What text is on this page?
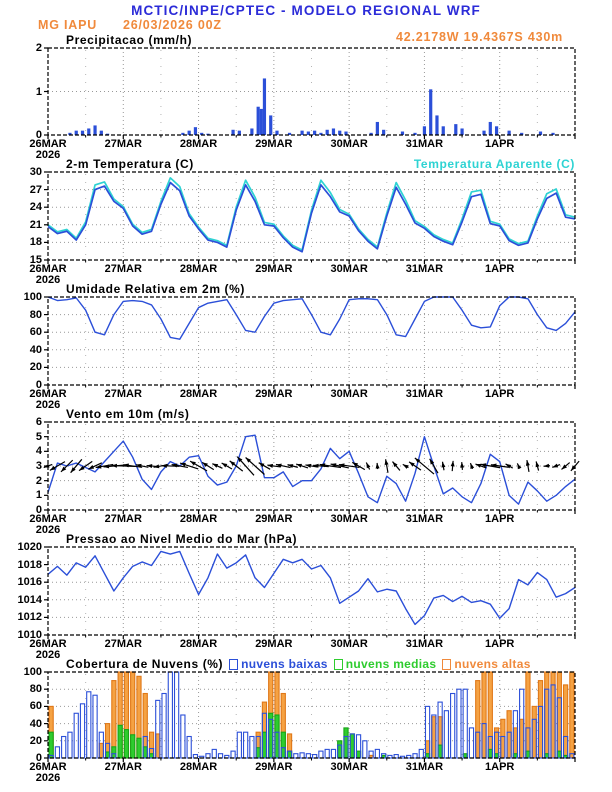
MCTIC/INPE/CPTEC - MODELO REGIONAL WRF
MG IAPU 26/03/2026 00Z
42.2178W 19.4367S 430m
Precipitacao (mm/h)
2-m Temperatura (C)	Temperatura Aparente (C)
Umidade Relativa em 2m (%)
Vento em 10m (m/s)
Pressao ao Nivel Medio do Mar (hPa)
Cobertura de Nuvens (%) nuvens baixas nuvens medias nuvens altas
0
1
2
26MAR	27MAR	28MAR	29MAR	30MAR	31MAR	1APR
2026
15
18
21
24
27
30
26MAR	27MAR	28MAR	29MAR	30MAR	31MAR	1APR
2026
0
20
40
60
80
100
26MAR	27MAR	28MAR	29MAR	30MAR	31MAR	1APR
2026
0
1
2
3
4
5
6
26MAR	27MAR	28MAR	29MAR	30MAR	31MAR	1APR
2026
1010
1012
1014
1016
1018
1020
26MAR	27MAR	28MAR	29MAR	30MAR	31MAR	1APR
2026
0
20
40
60
80
100
26MAR	27MAR	28MAR	29MAR	30MAR	31MAR	1APR
2026
